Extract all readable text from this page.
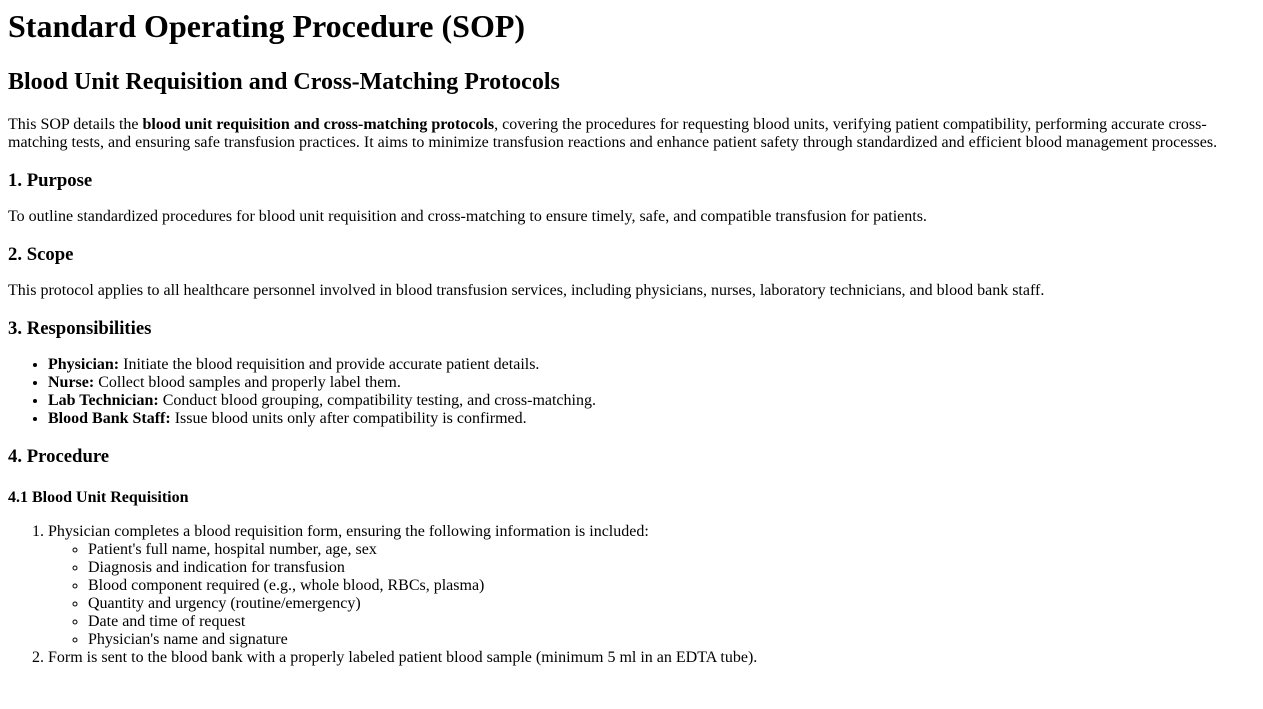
Standard Operating Procedure (SOP)
Blood Unit Requisition and Cross-Matching Protocols

This SOP details the blood unit requisition and cross-matching protocols, covering the procedures for requesting blood units, verifying patient compatibility, performing accurate cross-matching tests, and ensuring safe transfusion practices. It aims to minimize transfusion reactions and enhance patient safety through standardized and efficient blood management processes.

1. Purpose

To outline standardized procedures for blood unit requisition and cross-matching to ensure timely, safe, and compatible transfusion for patients.

2. Scope

This protocol applies to all healthcare personnel involved in blood transfusion services, including physicians, nurses, laboratory technicians, and blood bank staff.

3. Responsibilities
• Physician: Initiate the blood requisition and provide accurate patient details.
• Nurse: Collect blood samples and properly label them.
• Lab Technician: Conduct blood grouping, compatibility testing, and cross-matching.
• Blood Bank Staff: Issue blood units only after compatibility is confirmed.
4. Procedure
4.1 Blood Unit Requisition
1. Physician completes a blood requisition form, ensuring the following information is included:
◦ Patient's full name, hospital number, age, sex
◦ Diagnosis and indication for transfusion
◦ Blood component required (e.g., whole blood, RBCs, plasma)
◦ Quantity and urgency (routine/emergency)
◦ Date and time of request
◦ Physician's name and signature
2. Form is sent to the blood bank with a properly labeled patient blood sample (minimum 5 ml in an EDTA tube).
